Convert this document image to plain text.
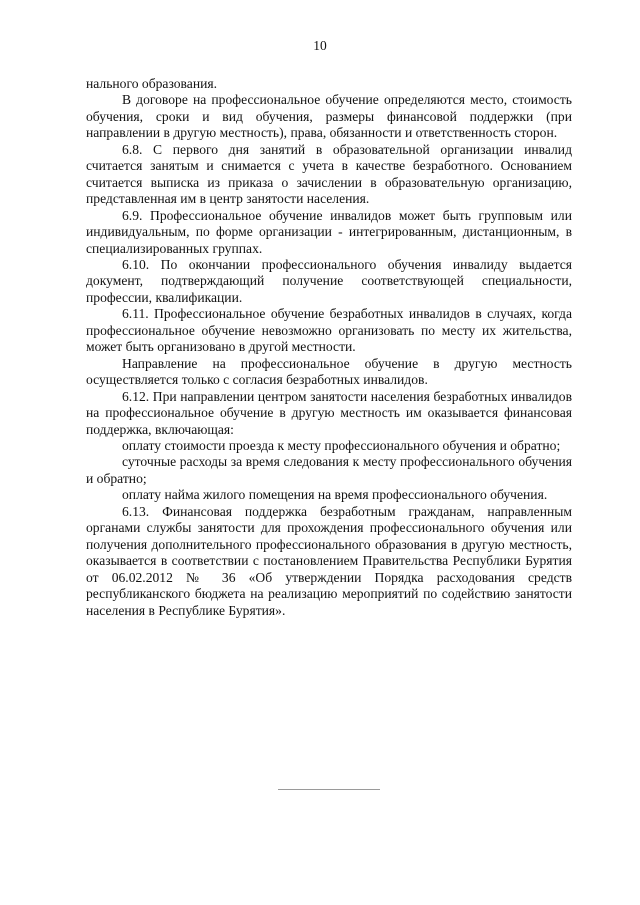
10

нального образования.

В договоре на профессиональное обучение определяются место, стоимость обучения, сроки и вид обучения, размеры финансовой поддержки (при направлении в другую местность), права, обязанности и ответственность сторон.

6.8. С первого дня занятий в образовательной организации инвалид считается занятым и снимается с учета в качестве безработного. Основанием считается выписка из приказа о зачислении в образовательную организацию, представленная им в центр занятости населения.

6.9. Профессиональное обучение инвалидов может быть групповым или индивидуальным, по форме организации - интегрированным, дистанционным, в специализированных группах.

6.10. По окончании профессионального обучения инвалиду выдается документ, подтверждающий получение соответствующей специальности, профессии, квалификации.

6.11. Профессиональное обучение безработных инвалидов в случаях, когда профессиональное обучение невозможно организовать по месту их жительства, может быть организовано в другой местности.

Направление на профессиональное обучение в другую местность осуществляется только с согласия безработных инвалидов.

6.12. При направлении центром занятости населения безработных инвалидов на профессиональное обучение в другую местность им оказывается финансовая поддержка, включающая:

оплату стоимости проезда к месту профессионального обучения и обратно;

суточные расходы за время следования к месту профессионального обучения и обратно;

оплату найма жилого помещения на время профессионального обучения.

6.13. Финансовая поддержка безработным гражданам, направленным органами службы занятости для прохождения профессионального обучения или получения дополнительного профессионального образования в другую местность, оказывается в соответствии с постановлением Правительства Республики Бурятия от 06.02.2012 № 36 «Об утверждении Порядка расходования средств республиканского бюджета на реализацию мероприятий по содействию занятости населения в Республике Бурятия».
